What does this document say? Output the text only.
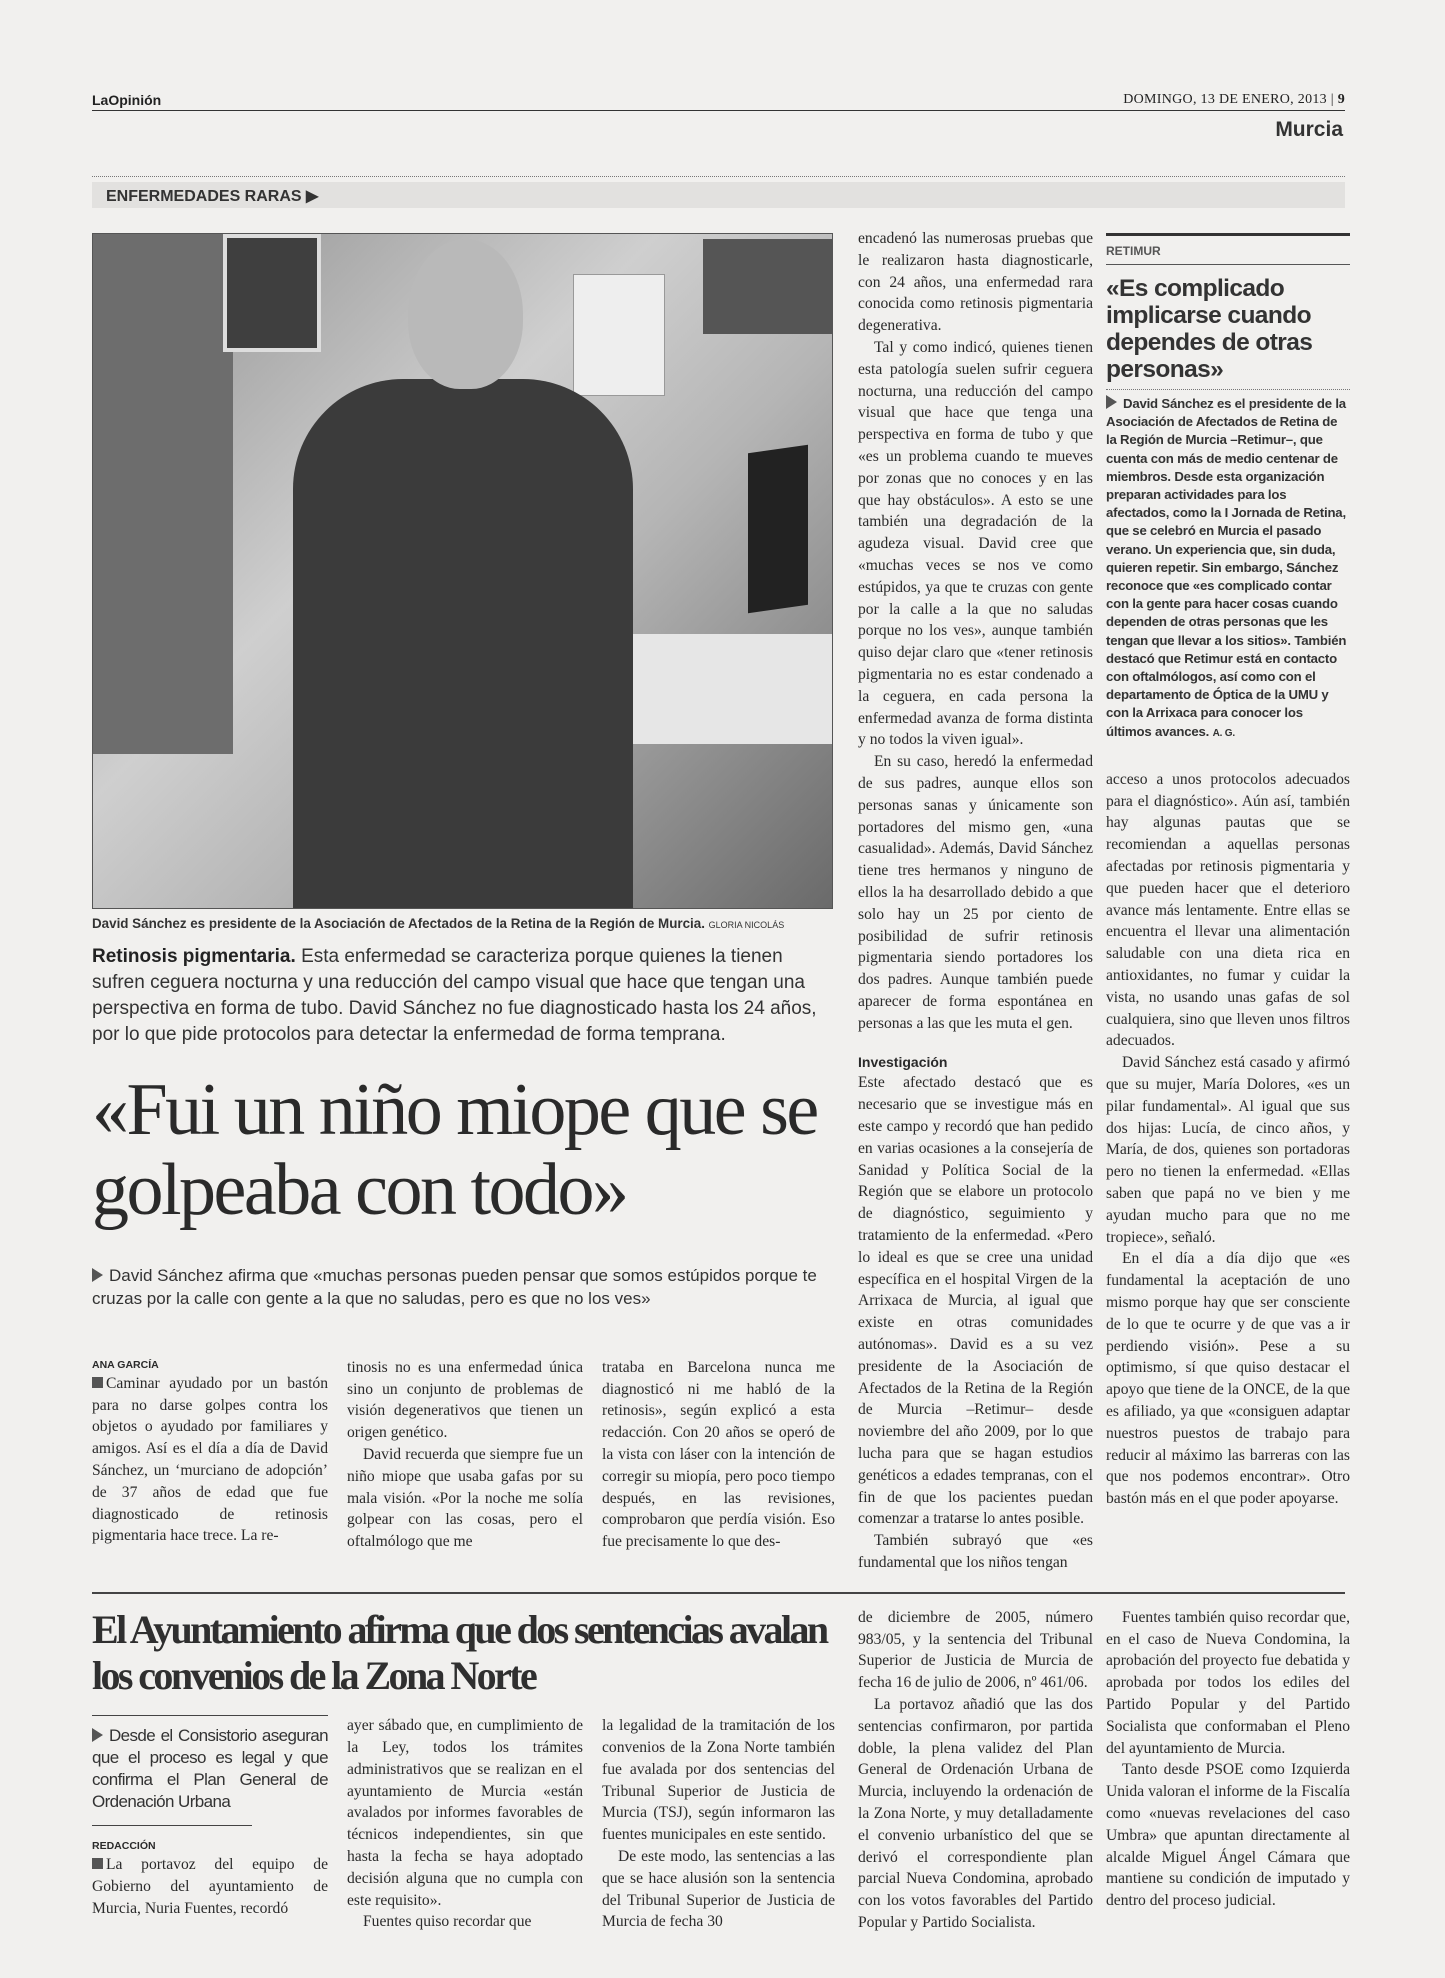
LaOpinión	DOMINGO, 13 DE ENERO, 2013 | 9
Murcia
ENFERMEDADES RARAS ▶
David Sánchez es presidente de la Asociación de Afectados de la Retina de la Región de Murcia. GLORIA NICOLÁS
Retinosis pigmentaria. Esta enfermedad se caracteriza porque quienes la tienen sufren ceguera nocturna y una reducción del campo visual que hace que tengan una perspectiva en forma de tubo. David Sánchez no fue diagnosticado hasta los 24 años, por lo que pide protocolos para detectar la enfermedad de forma temprana.
«Fui un niño miope que se golpeaba con todo»
David Sánchez afirma que «muchas personas pueden pensar que somos estúpidos porque te cruzas por la calle con gente a la que no saludas, pero es que no los ves»
ANA GARCÍA

Caminar ayudado por un bastón para no darse golpes contra los objetos o ayudado por familiares y amigos. Así es el día a día de David Sánchez, un ‘murciano de adopción’ de 37 años de edad que fue diagnosticado de retinosis pigmentaria hace trece. La re-

tinosis no es una enfermedad única sino un conjunto de problemas de visión degenerativos que tienen un origen genético.

David recuerda que siempre fue un niño miope que usaba gafas por su mala visión. «Por la noche me solía golpear con las cosas, pero el oftalmólogo que me

trataba en Barcelona nunca me diagnosticó ni me habló de la retinosis», según explicó a esta redacción. Con 20 años se operó de la vista con láser con la intención de corregir su miopía, pero poco tiempo después, en las revisiones, comprobaron que perdía visión. Eso fue precisamente lo que des-

encadenó las numerosas pruebas que le realizaron hasta diagnosticarle, con 24 años, una enfermedad rara conocida como retinosis pigmentaria degenerativa.

Tal y como indicó, quienes tienen esta patología suelen sufrir ceguera nocturna, una reducción del campo visual que hace que tenga una perspectiva en forma de tubo y que «es un problema cuando te mueves por zonas que no conoces y en las que hay obstáculos». A esto se une también una degradación de la agudeza visual. David cree que «muchas veces se nos ve como estúpidos, ya que te cruzas con gente por la calle a la que no saludas porque no los ves», aunque también quiso dejar claro que «tener retinosis pigmentaria no es estar condenado a la ceguera, en cada persona la enfermedad avanza de forma distinta y no todos la viven igual».

En su caso, heredó la enfermedad de sus padres, aunque ellos son personas sanas y únicamente son portadores del mismo gen, «una casualidad». Además, David Sánchez tiene tres hermanos y ninguno de ellos la ha desarrollado debido a que solo hay un 25 por ciento de posibilidad de sufrir retinosis pigmentaria siendo portadores los dos padres. Aunque también puede aparecer de forma espontánea en personas a las que les muta el gen.

Investigación

Este afectado destacó que es necesario que se investigue más en este campo y recordó que han pedido en varias ocasiones a la consejería de Sanidad y Política Social de la Región que se elabore un protocolo de diagnóstico, seguimiento y tratamiento de la enfermedad. «Pero lo ideal es que se cree una unidad específica en el hospital Virgen de la Arrixaca de Murcia, al igual que existe en otras comunidades autónomas». David es a su vez presidente de la Asociación de Afectados de la Retina de la Región de Murcia –Retimur– desde noviembre del año 2009, por lo que lucha para que se hagan estudios genéticos a edades tempranas, con el fin de que los pacientes puedan comenzar a tratarse lo antes posible.

También subrayó que «es fundamental que los niños tengan

RETIMUR
«Es complicado implicarse cuando dependes de otras personas»
David Sánchez es el presidente de la Asociación de Afectados de Retina de la Región de Murcia –Retimur–, que cuenta con más de medio centenar de miembros. Desde esta organización preparan actividades para los afectados, como la I Jornada de Retina, que se celebró en Murcia el pasado verano. Un experiencia que, sin duda, quieren repetir. Sin embargo, Sánchez reconoce que «es complicado contar con la gente para hacer cosas cuando dependen de otras personas que les tengan que llevar a los sitios». También destacó que Retimur está en contacto con oftalmólogos, así como con el departamento de Óptica de la UMU y con la Arrixaca para conocer los últimos avances. A. G.

acceso a unos protocolos adecuados para el diagnóstico». Aún así, también hay algunas pautas que se recomiendan a aquellas personas afectadas por retinosis pigmentaria y que pueden hacer que el deterioro avance más lentamente. Entre ellas se encuentra el llevar una alimentación saludable con una dieta rica en antioxidantes, no fumar y cuidar la vista, no usando unas gafas de sol cualquiera, sino que lleven unos filtros adecuados.

David Sánchez está casado y afirmó que su mujer, María Dolores, «es un pilar fundamental». Al igual que sus dos hijas: Lucía, de cinco años, y María, de dos, quienes son portadoras pero no tienen la enfermedad. «Ellas saben que papá no ve bien y me ayudan mucho para que no me tropiece», señaló.

En el día a día dijo que «es fundamental la aceptación de uno mismo porque hay que ser consciente de lo que te ocurre y de que vas a ir perdiendo visión». Pese a su optimismo, sí que quiso destacar el apoyo que tiene de la ONCE, de la que es afiliado, ya que «consiguen adaptar nuestros puestos de trabajo para reducir al máximo las barreras con las que nos podemos encontrar». Otro bastón más en el que poder apoyarse.

El Ayuntamiento afirma que dos sentencias avalan los convenios de la Zona Norte
Desde el Consistorio aseguran que el proceso es legal y que confirma el Plan General de Ordenación Urbana
REDACCIÓN

La portavoz del equipo de Gobierno del ayuntamiento de Murcia, Nuria Fuentes, recordó

ayer sábado que, en cumplimiento de la Ley, todos los trámites administrativos que se realizan en el ayuntamiento de Murcia «están avalados por informes favorables de técnicos independientes, sin que hasta la fecha se haya adoptado decisión alguna que no cumpla con este requisito».

Fuentes quiso recordar que

la legalidad de la tramitación de los convenios de la Zona Norte también fue avalada por dos sentencias del Tribunal Superior de Justicia de Murcia (TSJ), según informaron las fuentes municipales en este sentido.

De este modo, las sentencias a las que se hace alusión son la sentencia del Tribunal Superior de Justicia de Murcia de fecha 30

de diciembre de 2005, número 983/05, y la sentencia del Tribunal Superior de Justicia de Murcia de fecha 16 de julio de 2006, nº 461/06.

La portavoz añadió que las dos sentencias confirmaron, por partida doble, la plena validez del Plan General de Ordenación Urbana de Murcia, incluyendo la ordenación de la Zona Norte, y muy detalladamente el convenio urbanístico del que se derivó el correspondiente plan parcial Nueva Condomina, aprobado con los votos favorables del Partido Popular y Partido Socialista.

Fuentes también quiso recordar que, en el caso de Nueva Condomina, la aprobación del proyecto fue debatida y aprobada por todos los ediles del Partido Popular y del Partido Socialista que conformaban el Pleno del ayuntamiento de Murcia.

Tanto desde PSOE como Izquierda Unida valoran el informe de la Fiscalía como «nuevas revelaciones del caso Umbra» que apuntan directamente al alcalde Miguel Ángel Cámara que mantiene su condición de imputado y dentro del proceso judicial.
